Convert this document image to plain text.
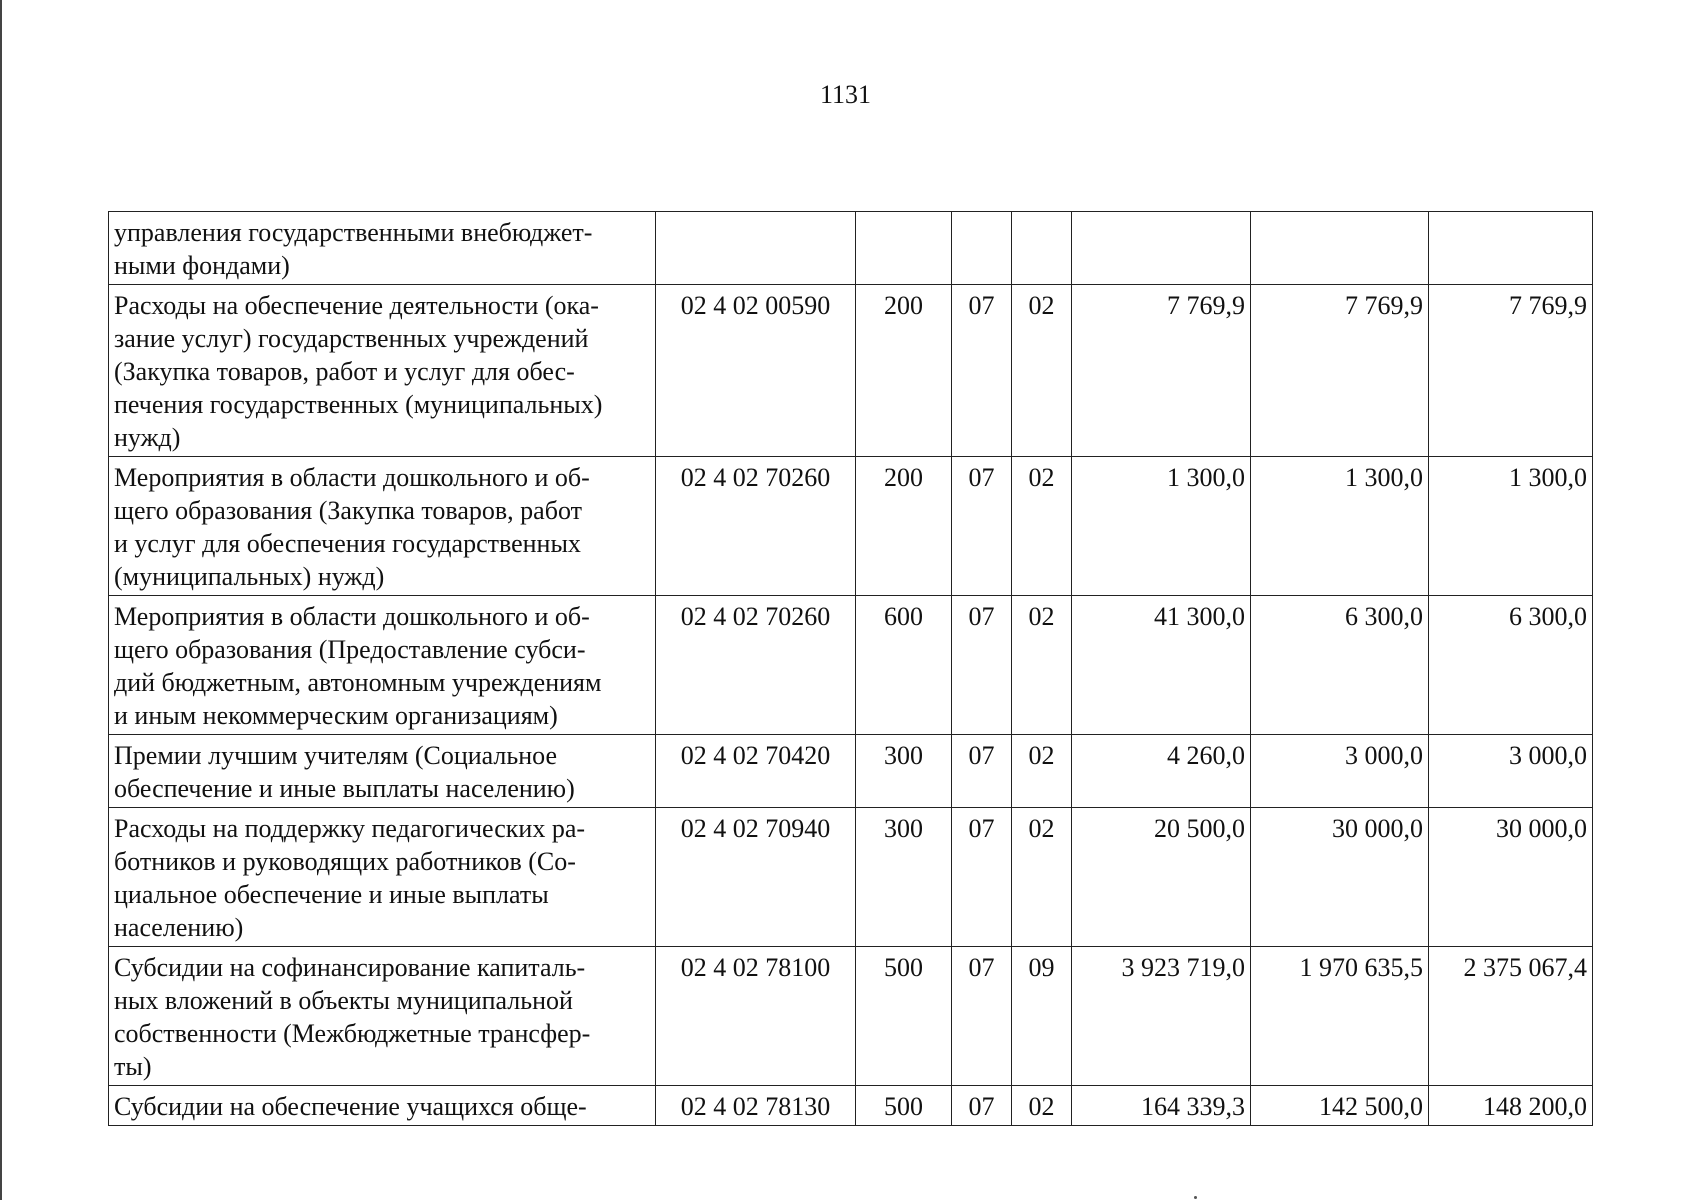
1131
управления государственными внебюджет-
ными фондами)							

Расходы на обеспечение деятельности (ока-
зание услуг) государственных учреждений
(Закупка товаров, работ и услуг для обес-
печения государственных (муниципальных)
нужд)	02 4 02 00590	200	07	02	7 769,9	7 769,9	7 769,9

Мероприятия в области дошкольного и об-
щего образования (Закупка товаров, работ
и услуг для обеспечения государственных
(муниципальных) нужд)	02 4 02 70260	200	07	02	1 300,0	1 300,0	1 300,0

Мероприятия в области дошкольного и об-
щего образования (Предоставление субси-
дий бюджетным, автономным учреждениям
и иным некоммерческим организациям)	02 4 02 70260	600	07	02	41 300,0	6 300,0	6 300,0

Премии лучшим учителям (Социальное
обеспечение и иные выплаты населению)	02 4 02 70420	300	07	02	4 260,0	3 000,0	3 000,0

Расходы на поддержку педагогических ра-
ботников и руководящих работников (Со-
циальное обеспечение и иные выплаты
населению)	02 4 02 70940	300	07	02	20 500,0	30 000,0	30 000,0

Субсидии на софинансирование капиталь-
ных вложений в объекты муниципальной
собственности (Межбюджетные трансфер-
ты)	02 4 02 78100	500	07	09	3 923 719,0	1 970 635,5	2 375 067,4

Субсидии на обеспечение учащихся обще-	02 4 02 78130	500	07	02	164 339,3	142 500,0	148 200,0
